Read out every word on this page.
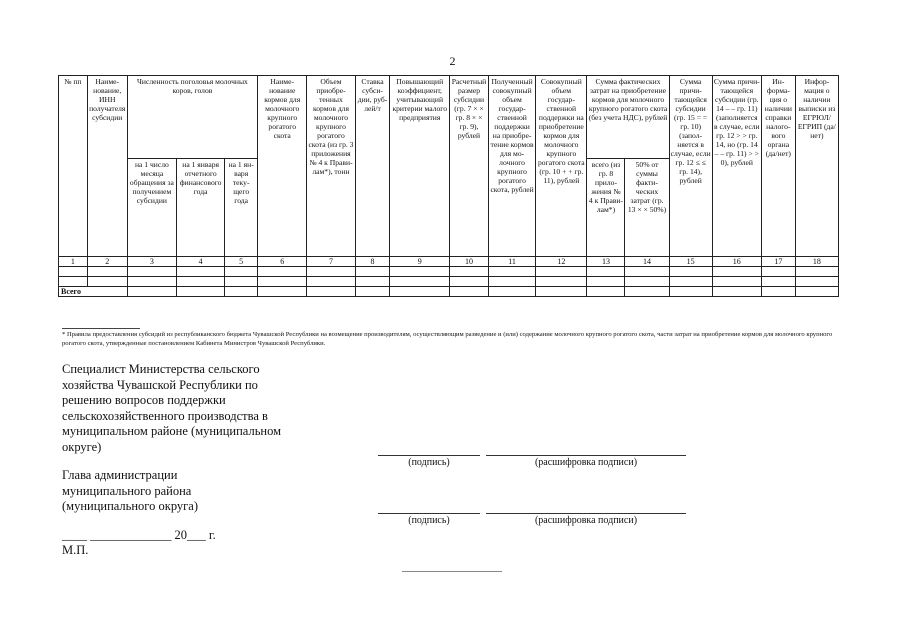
2
№ пп	Наименование, ИНН получателя субсидии	Численность поголовья молочных коров, голов			Наименование кормов для молочного крупного рогатого скота	Объем приобретенных кормов для молочного крупного рогатого скота (из гр. 3 приложения № 4 к Правилам*), тонн	Ставка субсидии, рублей/т	Повышающий коэффициент, учитывающий критерии малого предприятия	Расчетный размер субсидии (гр. 7 × × гр. 8 × × гр. 9), рублей	Полученный совокупный объем государственной поддержки на приобретение кормов для молочного крупного рогатого скота, рублей	Совокупный объем государственной поддержки на приобретение кормов для молочного крупного рогатого скота (гр. 10 + + гр. 11), рублей	Сумма фактических затрат на приобретение кормов для молочного крупного рогатого скота (без учета НДС), рублей		Сумма причитающейся субсидии (гр. 15 = = гр. 10) (заполняется в случае, если гр. 12 ≤ ≤ гр. 14), рублей	Сумма причитающейся субсидии (гр. 14 – – гр. 11) (заполняется в случае, если гр. 12 > > гр. 14, но (гр. 14 – – гр. 11) > > 0), рублей	Информация о наличии справки налогового органа (да/нет)	Информация о наличии выписки из ЕГРЮЛ/ ЕГРИП (да/нет)
		на 1 число месяца обращения за получением субсидии	на 1 января отчетного финансового года	на 1 января текущего года								всего (из гр. 8 приложения № 4 к Правилам*)	50% от суммы фактических затрат (гр. 13 × × 50%)				
1	2	3	4	5	6	7	8	9	10	11	12	13	14	15	16	17	18

Всего																	
* Правила предоставления субсидий из республиканского бюджета Чувашской Республики на возмещение производителям, осуществляющим разведение и (или) содержание молочного крупного рогатого скота, части затрат на приобретение кормов для молочного крупного рогатого скота, утвержденные постановлением Кабинета Министров Чувашской Республики.
Специалист Министерства сельского хозяйства Чувашской Республики по решению вопросов поддержки сельскохозяйственного производства в муниципальном районе (муниципальном округе)
(подпись)	(расшифровка подписи)
Глава администрации муниципального района (муниципального округа)
(подпись)	(расшифровка подписи)
____ _____________ 20___ г.
М.П.
